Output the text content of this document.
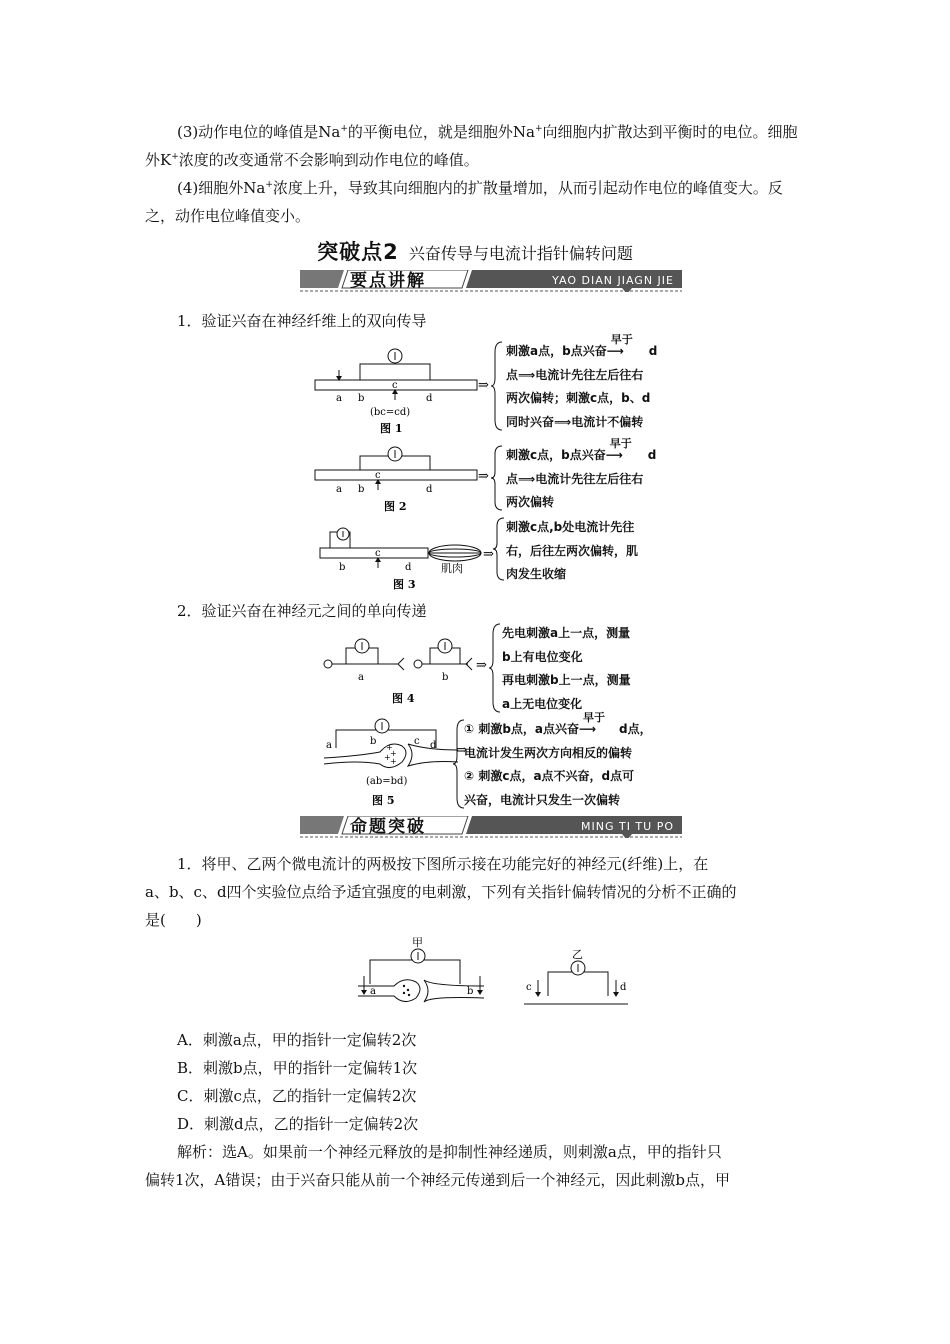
(3)动作电位的峰值是Na+的平衡电位，就是细胞外Na+向细胞内扩散达到平衡时的电位。细胞外K+浓度的改变通常不会影响到动作电位的峰值。
(4)细胞外Na+浓度上升，导致其向细胞内的扩散量增加，从而引起动作电位的峰值变大。反之，动作电位峰值变小。
突破点2 兴奋传导与电流计指针偏转问题
要点讲解	YAO DIAN JIAGN JIE
1．验证兴奋在神经纤维上的双向传导
a b
c
d
(bc=cd)
图 1
⇒
刺激a点，b点兴奋
早于
⟶ d
点⟹电流计先往左后往右
两次偏转；刺激c点，b、d
同时兴奋⟹电流计不偏转
a b
c
d
图 2
⇒
刺激c点，b点兴奋
早于
⟶ d
点⟹电流计先往左后往右
两次偏转
b
c
d	肌肉
图 3
⇒
刺激c点,b处电流计先往
右，后往左两次偏转，肌
肉发生收缩
2．验证兴奋在神经元之间的单向传递
a	b
图 4
⇒
先电刺激a上一点，测量
b上有电位变化
再电刺激b上一点，测量
a上无电位变化
+
+
+ +
a	b	c d
(ab=bd)
图 5
⇒
① 刺激b点，a点兴奋
早于
⟶ d点，
电流计发生两次方向相反的偏转
② 刺激c点，a点不兴奋，d点可
兴奋，电流计只发生一次偏转
命题突破	MING TI TU PO
1．将甲、乙两个微电流计的两极按下图所示接在功能完好的神经元(纤维)上，在
a、b、c、d四个实验位点给予适宜强度的电刺激，下列有关指针偏转情况的分析不正确的
是(　　)
甲
a	b
乙
c	d
A．刺激a点，甲的指针一定偏转2次
B．刺激b点，甲的指针一定偏转1次
C．刺激c点，乙的指针一定偏转2次
D．刺激d点，乙的指针一定偏转2次
解析：选A。如果前一个神经元释放的是抑制性神经递质，则刺激a点，甲的指针只
偏转1次，A错误；由于兴奋只能从前一个神经元传递到后一个神经元，因此刺激b点，甲
